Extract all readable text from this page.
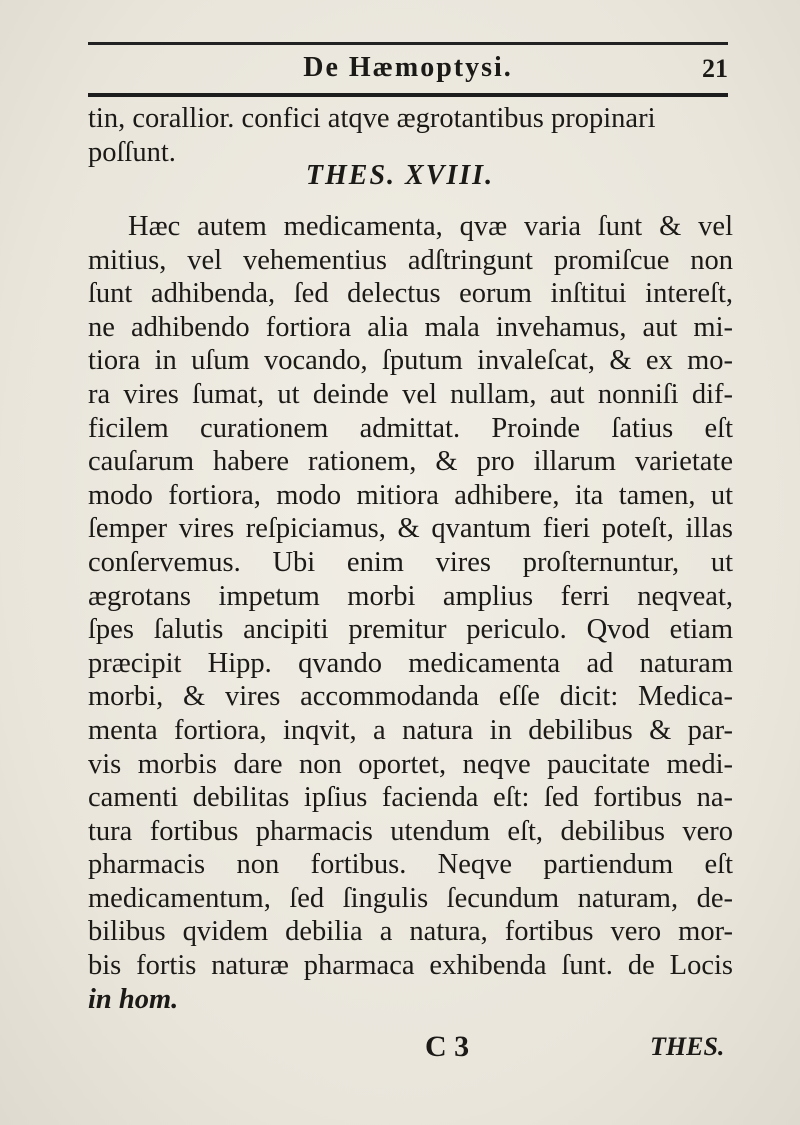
De Hæmoptysi.	21
tin, corallior. confici atqve ægrotantibus propinari
poſſunt.
THES. XVIII.
Hæc autem medicamenta, qvæ varia ſunt & vel
mitius, vel vehementius adſtringunt promiſcue non
ſunt adhibenda, ſed delectus eorum inſtitui intereſt,
ne adhibendo fortiora alia mala invehamus, aut mi-
tiora in uſum vocando, ſputum invaleſcat, & ex mo-
ra vires ſumat, ut deinde vel nullam, aut nonniſi dif-
ficilem curationem admittat. Proinde ſatius eſt
cauſarum habere rationem, & pro illarum varietate
modo fortiora, modo mitiora adhibere, ita tamen, ut
ſemper vires reſpiciamus, & qvantum fieri poteſt, illas
conſervemus. Ubi enim vires proſternuntur, ut
ægrotans impetum morbi amplius ferri neqveat,
ſpes ſalutis ancipiti premitur periculo. Qvod etiam
præcipit Hipp. qvando medicamenta ad naturam
morbi, & vires accommodanda eſſe dicit: Medica-
menta fortiora, inqvit, a natura in debilibus & par-
vis morbis dare non oportet, neqve paucitate medi-
camenti debilitas ipſius facienda eſt: ſed fortibus na-
tura fortibus pharmacis utendum eſt, debilibus vero
pharmacis non fortibus. Neqve partiendum eſt
medicamentum, ſed ſingulis ſecundum naturam, de-
bilibus qvidem debilia a natura, fortibus vero mor-
bis fortis naturæ pharmaca exhibenda ſunt. de Locis
in hom.
C 3	THES.
